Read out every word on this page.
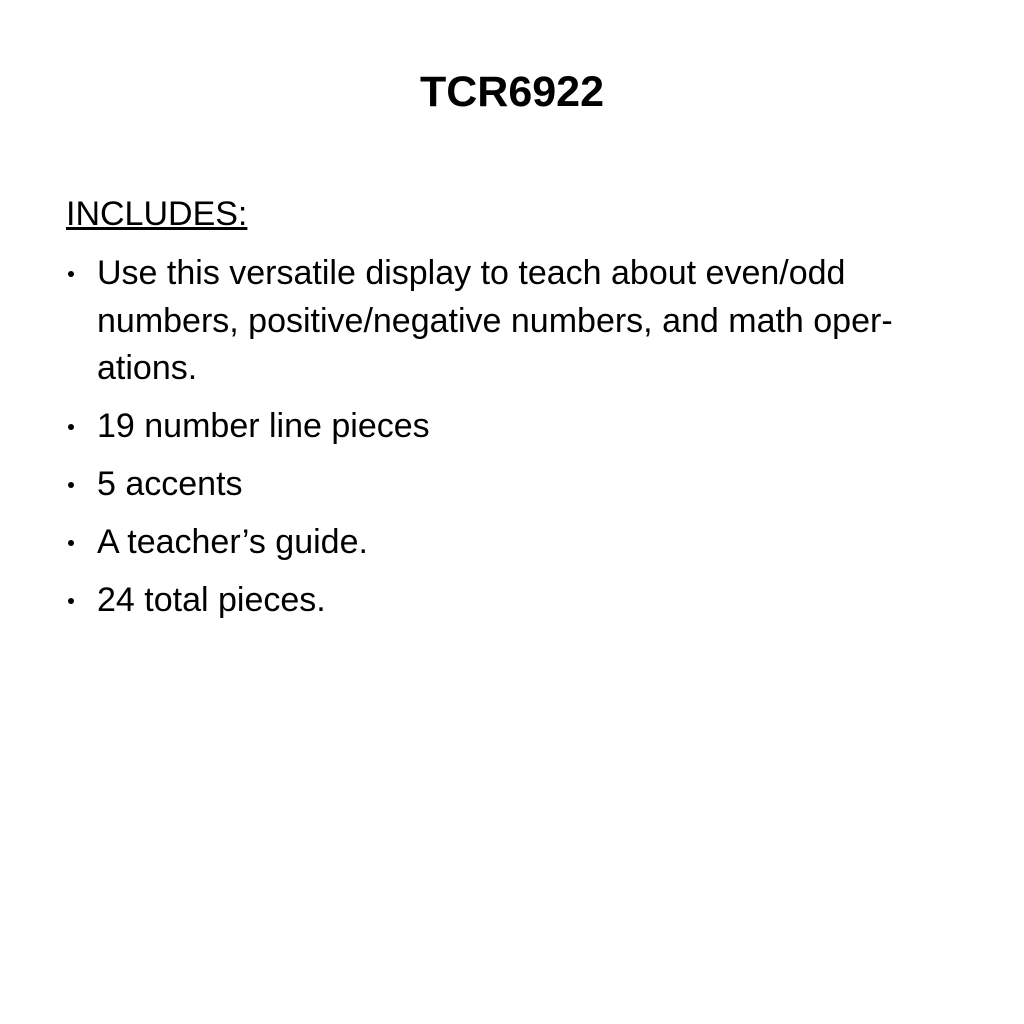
TCR6922
INCLUDES:
Use this versatile display to teach about even/odd numbers, positive/negative numbers, and math oper-ations.
19 number line pieces
5 accents
A teacher’s guide.
24 total pieces.
